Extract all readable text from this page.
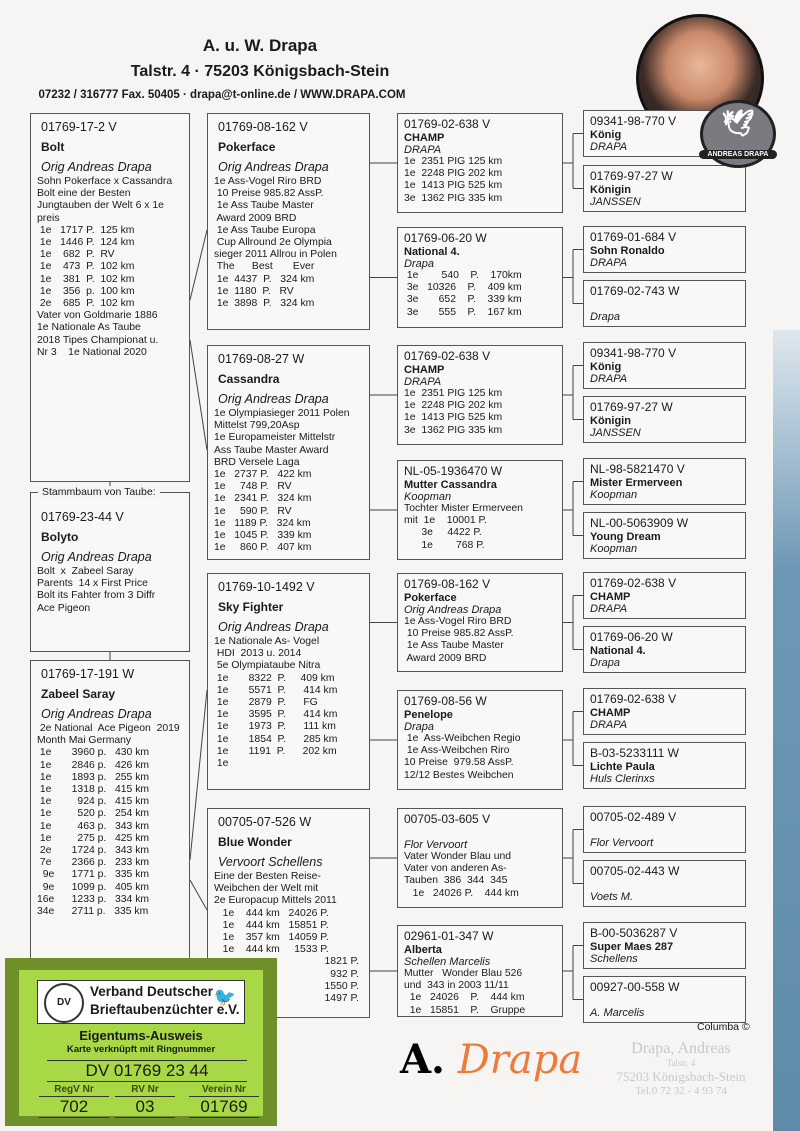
A. u. W. Drapa
Talstr. 4 · 75203 Königsbach-Stein
07232 / 316777 Fax. 50405 · drapa@t-online.de / WWW.DRAPA.COM
01769-17-2 V
Bolt
Orig Andreas Drapa
Sohn Pokerface x Cassandra
Bolt eine der Besten
Jungtauben der Welt 6 x 1e
preis
1e   1717 P.  125 km
1e   1446 P.  124 km
1e    682  P.  RV
1e    473  P.  102 km
1e    381  P.  102 km
1e    356  p.  100 km
2e    685  P.  102 km
Vater von Goldmarie 1886
1e Nationale As Taube
2018 Tipes Championat u.
Nr 3    1e National 2020
01769-23-44 V
Bolyto
Orig Andreas Drapa
Bolt  x  Zabeel Saray
Parents  14 x First Price
Bolt its Fahter from 3 Diffr
Ace Pigeon
01769-17-191 W
Zabeel Saray
Orig Andreas Drapa
2e National  Ace Pigeon  2019
Month Mai Germany
1e       3960 p.   430 km
1e       2846 p.   426 km
1e       1893 p.   255 km
1e       1318 p.   415 km
1e         924 p.   415 km
1e         520 p.   254 km
1e         463 p.   343 km
1e         275 p.   425 km
2e       1724 p.   343 km
7e       2366 p.   233 km
9e      1771 p.   335 km
9e      1099 p.   405 km
16e      1233 p.   334 km
34e      2711 p.   335 km
01769-08-162 V
Pokerface
Orig Andreas Drapa
1e Ass-Vogel Riro BRD
10 Preise 985.82 AssP.
1e Ass Taube Master
Award 2009 BRD
1e Ass Taube Europa
Cup Allround 2e Olympia
sieger 2011 Allrou in Polen
The      Best       Ever
1e  4437  P.   324 km
1e  1180  P.   RV
1e  3898  P.   324 km
01769-08-27 W
Cassandra
Orig Andreas Drapa
1e Olympiasieger 2011 Polen
Mittelst 799,20Asp
1e Europameister Mittelstr
Ass Taube Master Award
BRD Versele Laga
1e   2737 P.   422 km
1e     748 P.   RV
1e   2341 P.   324 km
1e     590 P.   RV
1e   1189 P.   324 km
1e   1045 P.   339 km
1e     860 P.   407 km
01769-10-1492 V
Sky Fighter
Orig Andreas Drapa
1e Nationale As- Vogel
HDI  2013 u. 2014
5e Olympiataube Nitra
1e       8322  P.     409 km
1e       5571  P.      414 km
1e       2879  P.      FG
1e       3595  P.      414 km
1e       1973  P.      111 km
1e       1854  P.      285 km
1e       1191  P.      202 km
1e
00705-07-526 W
Blue Wonder
Vervoort Schellens
Eine der Besten Reise-
Weibchen der Welt mit
2e Europacup Mittels 2011
1e    444 km   24026 P.
1e    444 km   15851 P.
1e    357 km   14059 P.
1e    444 km     1533 P.
1821 P.
932 P.
1550 P.
1497 P.
01769-02-638 V
CHAMP
DRAPA
1e  2351 PIG 125 km
1e  2248 PIG 202 km
1e  1413 PIG 525 km
3e  1362 PIG 335 km
01769-06-20 W
National 4.
Drapa
1e        540    P.    170km
3e   10326    P.    409 km
3e       652    P.    339 km
3e       555    P.    167 km
01769-02-638 V
CHAMP
DRAPA
1e  2351 PIG 125 km
1e  2248 PIG 202 km
1e  1413 PIG 525 km
3e  1362 PIG 335 km
NL-05-1936470 W
Mutter Cassandra
Koopman
Tochter Mister Ermerveen
mit  1e    10001 P.
3e     4422 P.
1e        768 P.
01769-08-162 V
Pokerface
Orig Andreas Drapa
1e Ass-Vogel Riro BRD
10 Preise 985.82 AssP.
1e Ass Taube Master
Award 2009 BRD
01769-08-56 W
Penelope
Drapa
1e  Ass-Weibchen Regio
1e Ass-Weibchen Riro
10 Preise  979.58 AssP.
12/12 Bestes Weibchen
00705-03-605 V

Flor Vervoort
Vater Wonder Blau und
Vater von anderen As-
Tauben  386  344  345
1e   24026 P.    444 km
02961-01-347 W
Alberta
Schellen Marcelis
Mutter   Wonder Blau 526
und  343 in 2003 11/11
1e   24026    P.    444 km
1e   15851    P.    Gruppe
09341-98-770 V
König
DRAPA
01769-97-27 W
Königin
JANSSEN
01769-01-684 V
Sohn Ronaldo
DRAPA
01769-02-743 W

Drapa
09341-98-770 V
König
DRAPA
01769-97-27 W
Königin
JANSSEN
NL-98-5821470 V
Mister Ermerveen
Koopman
NL-00-5063909 W
Young Dream
Koopman
01769-02-638 V
CHAMP
DRAPA
01769-06-20 W
National 4.
Drapa
01769-02-638 V
CHAMP
DRAPA
B-03-5233111 W
Lichte Paula
Huls Clerinxs
00705-02-489 V

Flor Vervoort
00705-02-443 W

Voets M.
B-00-5036287 V
Super Maes 287
Schellens
00927-00-558 W

A. Marcelis
Stammbaum von Taube:
🕊
ANDREAS DRAPA
DV
Verband Deutscher
Brieftaubenzüchter e.V.
🐦
Eigentums-Ausweis
Karte verknüpft mit Ringnummer
DV 01769 23 44
RegV Nr	RV Nr	Verein Nr
702	03	01769
Drapa, Andreas
Talstr. 4
75203 Königsbach-Stein
Tel.0 72 32 - 4 93 74
Columba ©
A. Drapa
